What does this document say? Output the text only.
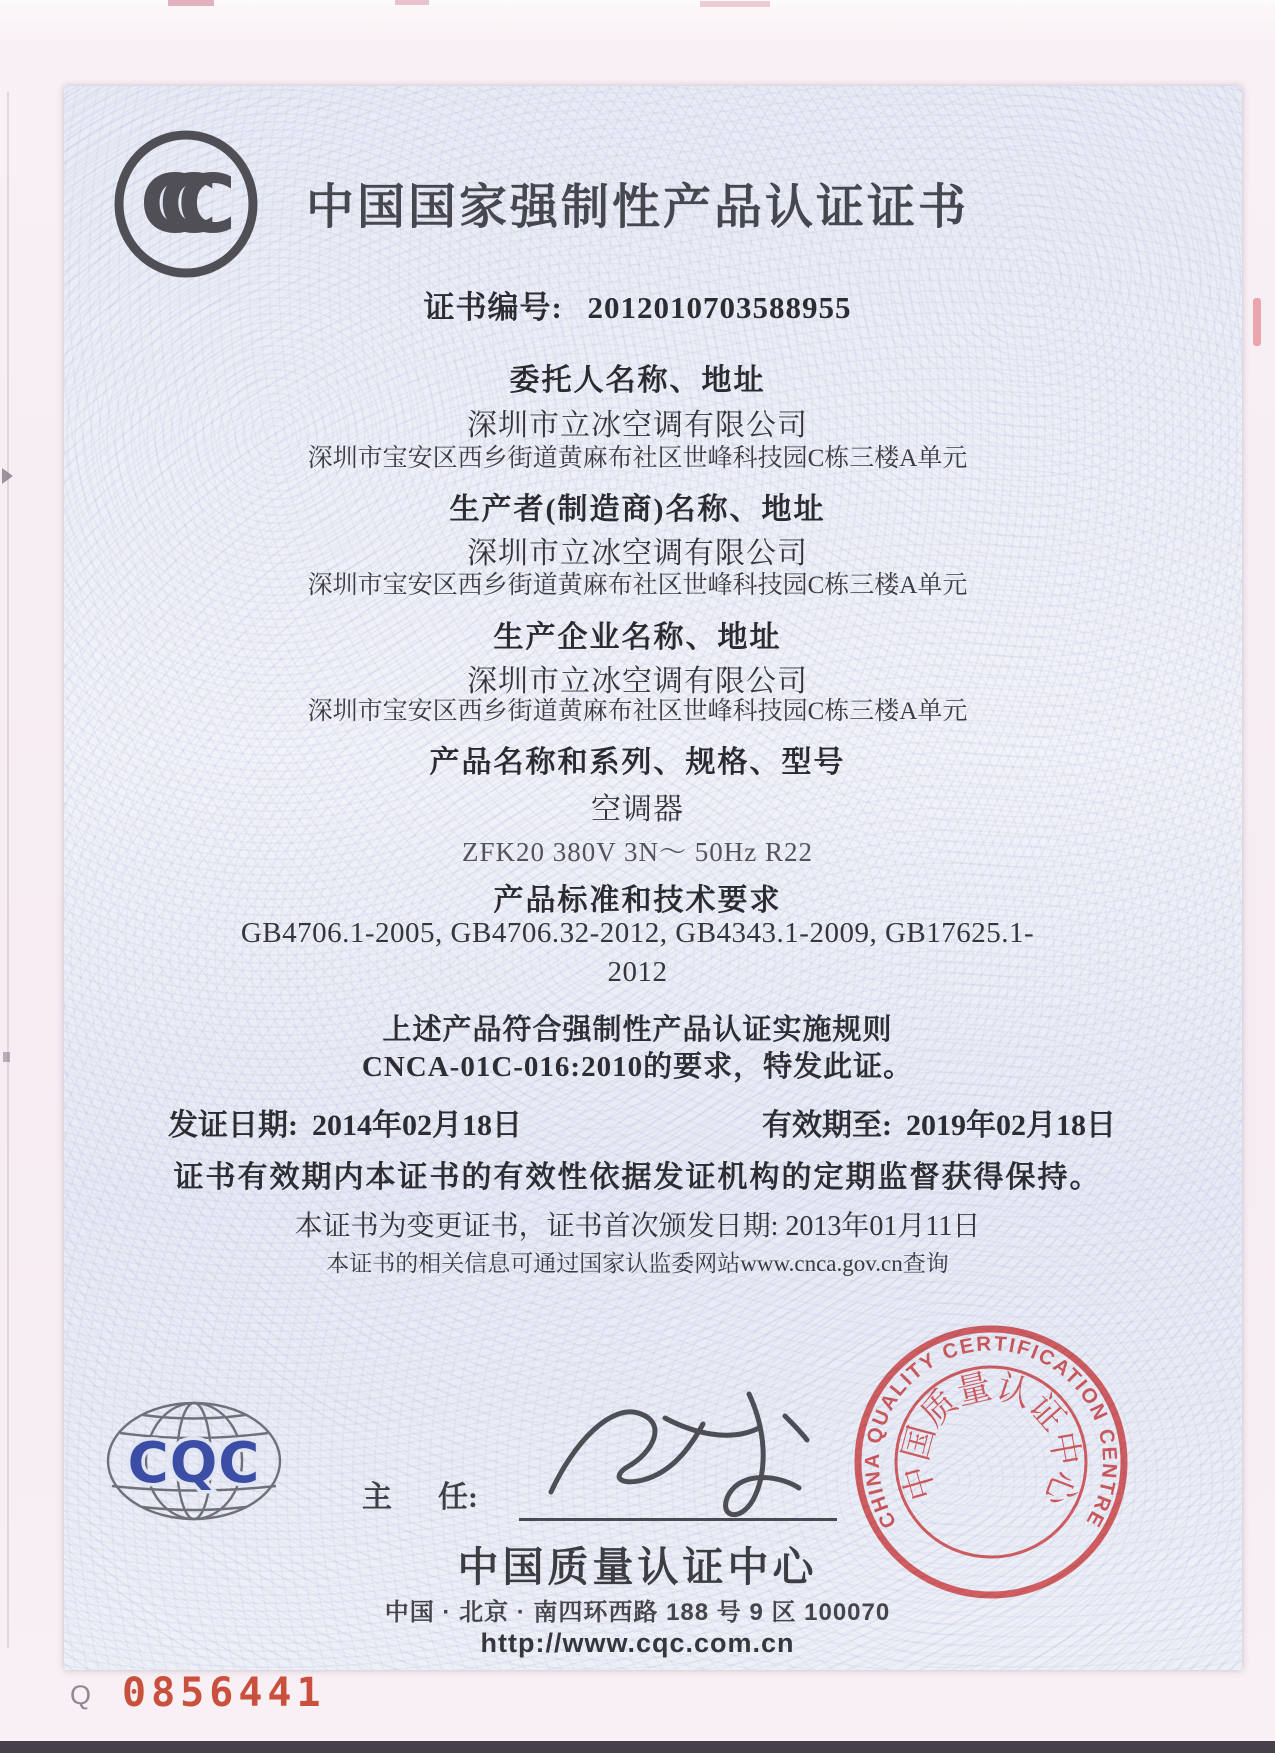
CCC	中国国家强制性产品认证证书
证书编号: 2012010703588955
委托人名称、地址
深圳市立冰空调有限公司
深圳市宝安区西乡街道黄麻布社区世峰科技园C栋三楼A单元
生产者(制造商)名称、地址
深圳市立冰空调有限公司
深圳市宝安区西乡街道黄麻布社区世峰科技园C栋三楼A单元
生产企业名称、地址
深圳市立冰空调有限公司
深圳市宝安区西乡街道黄麻布社区世峰科技园C栋三楼A单元
产品名称和系列、规格、型号
空调器
ZFK20 380V 3N～ 50Hz R22
产品标准和技术要求
GB4706.1-2005, GB4706.32-2012, GB4343.1-2009, GB17625.1-
2012
上述产品符合强制性产品认证实施规则
CNCA-01C-016:2010的要求，特发此证。
发证日期: 2014年02月18日	有效期至: 2019年02月18日
证书有效期内本证书的有效性依据发证机构的定期监督获得保持。
本证书为变更证书，证书首次颁发日期: 2013年01月11日
本证书的相关信息可通过国家认监委网站www.cnca.gov.cn查询
CQC
主 任:
中国质量认证中心
中国 · 北京 · 南四环西路 188 号 9 区 100070
http://www.cqc.com.cn
CHINA QUALITY CERTIFICATION CENTRE
中国质量认证中心
Q 0856441
